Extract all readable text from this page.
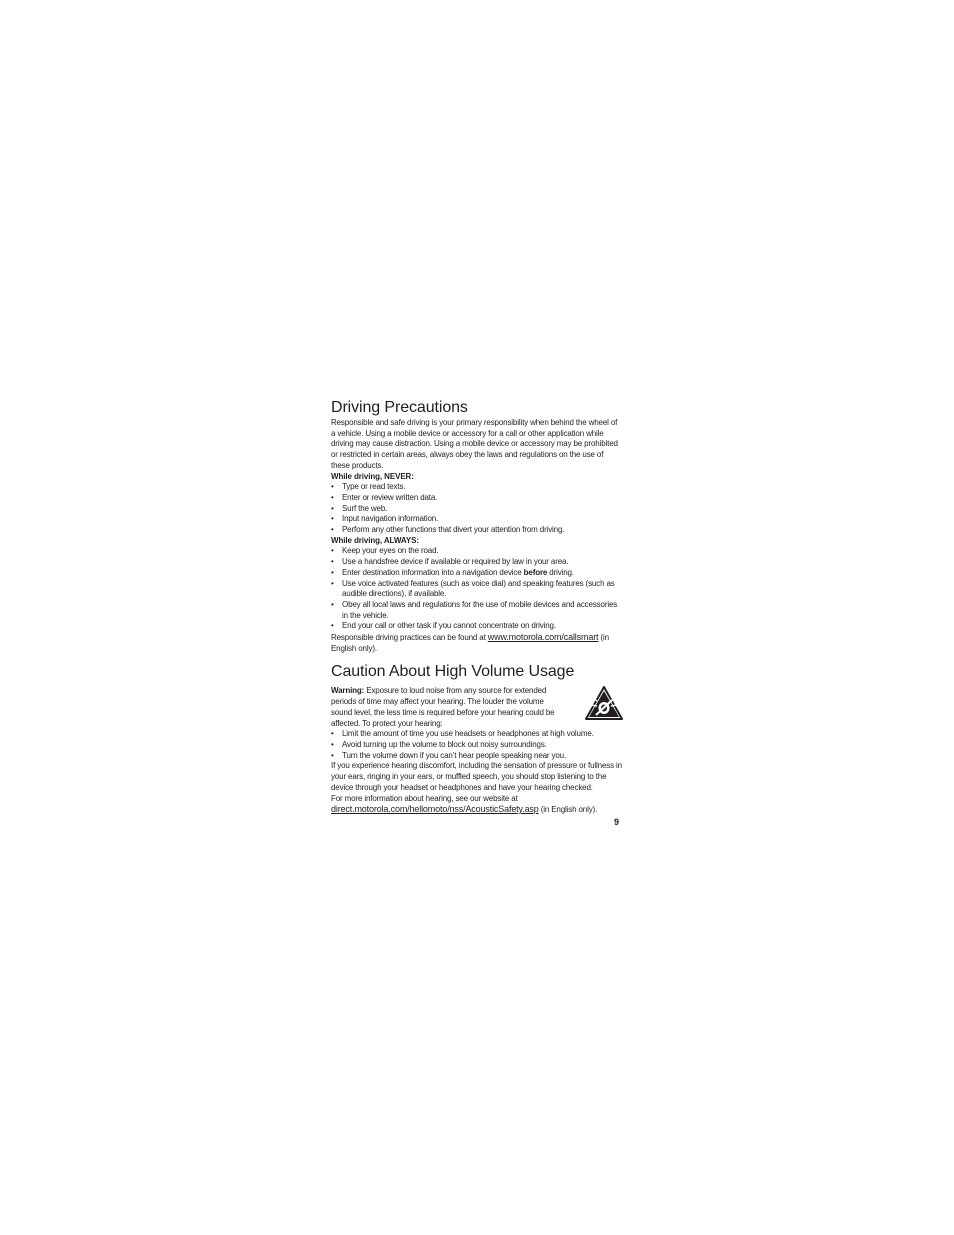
Driving Precautions

Responsible and safe driving is your primary responsibility when behind the wheel of a vehicle. Using a mobile device or accessory for a call or other application while driving may cause distraction. Using a mobile device or accessory may be prohibited or restricted in certain areas, always obey the laws and regulations on the use of these products.

While driving, NEVER:

• Type or read texts.
• Enter or review written data.
• Surf the web.
• Input navigation information.
• Perform any other functions that divert your attention from driving.

While driving, ALWAYS:

• Keep your eyes on the road.
• Use a handsfree device if available or required by law in your area.
• Enter destination information into a navigation device before driving.
• Use voice activated features (such as voice dial) and speaking features (such as audible directions), if available.
• Obey all local laws and regulations for the use of mobile devices and accessories in the vehicle.
• End your call or other task if you cannot concentrate on driving.

Responsible driving practices can be found at www.motorola.com/callsmart (in English only).

Caution About High Volume Usage

Warning: Exposure to loud noise from any source for extended periods of time may affect your hearing. The louder the volume sound level, the less time is required before your hearing could be affected. To protect your hearing:

• Limit the amount of time you use headsets or headphones at high volume.
• Avoid turning up the volume to block out noisy surroundings.
• Turn the volume down if you can’t hear people speaking near you.

If you experience hearing discomfort, including the sensation of pressure or fullness in your ears, ringing in your ears, or muffled speech, you should stop listening to the device through your headset or headphones and have your hearing checked.

For more information about hearing, see our website at

direct.motorola.com/hellomoto/nss/AcousticSafety.asp (in English only).

9
